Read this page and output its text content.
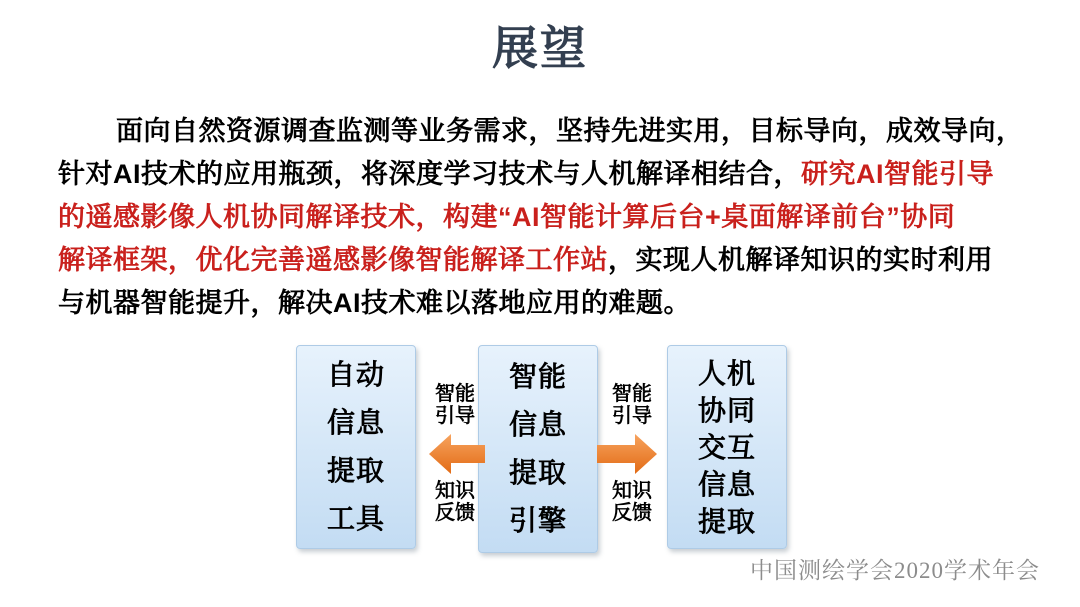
展望
面向自然资源调查监测等业务需求，坚持先进实用，目标导向，成效导向，
针对AI技术的应用瓶颈，将深度学习技术与人机解译相结合，研究AI智能引导
的遥感影像人机协同解译技术，构建“AI智能计算后台+桌面解译前台”协同
解译框架，优化完善遥感影像智能解译工作站，实现人机解译知识的实时利用
与机器智能提升，解决AI技术难以落地应用的难题。
自动
信息
提取
工具
智能
信息
提取
引擎
人机
协同
交互
信息
提取
智能引导
知识反馈
智能引导
知识反馈
中国测绘学会2020学术年会
